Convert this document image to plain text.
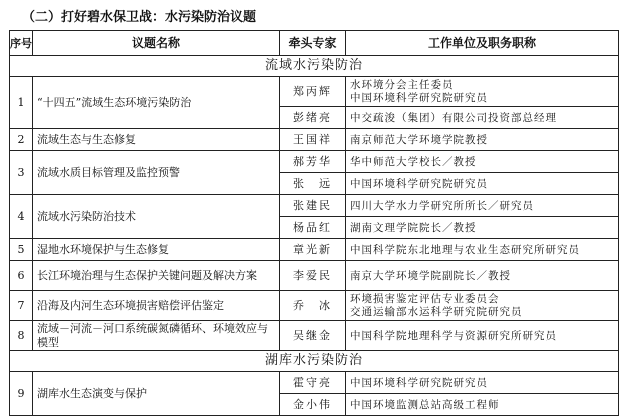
（二）打好碧水保卫战：水污染防治议题
序号	议题名称	牵头专家	工作单位及职务职称
流域水污染防治			
1	“十四五”流域生态环境污染防治	郑丙辉	水环境分会主任委员
中国环境科学研究院研究员

		彭绪亮	中交疏浚（集团）有限公司投资部总经理
2	流域生态与生态修复	王国祥	南京师范大学环境学院教授
3	流域水质目标管理及监控预警	郝芳华	华中师范大学校长／教授
		张　远	中国环境科学研究院研究员
4	流域水污染防治技术	张建民	四川大学水力学研究所所长／研究员
		杨品红	湖南文理学院院长／教授
5	湿地水环境保护与生态修复	章光新	中国科学院东北地理与农业生态研究所研究员
6	长江环境治理与生态保护关键问题及解决方案	李爱民	南京大学环境学院副院长／教授
7	沿海及内河生态环境损害赔偿评估鉴定	乔　冰	环境损害鉴定评估专业委员会
交通运输部水运科学研究院研究员

8	流域－河流－河口系统碳氮磷循环、环境效应与模型	吴继金	中国科学院地理科学与资源研究所研究员
湖库水污染防治			
9	湖库水生态演变与保护	霍守亮	中国环境科学研究院研究员
		金小伟	中国环境监测总站高级工程师
